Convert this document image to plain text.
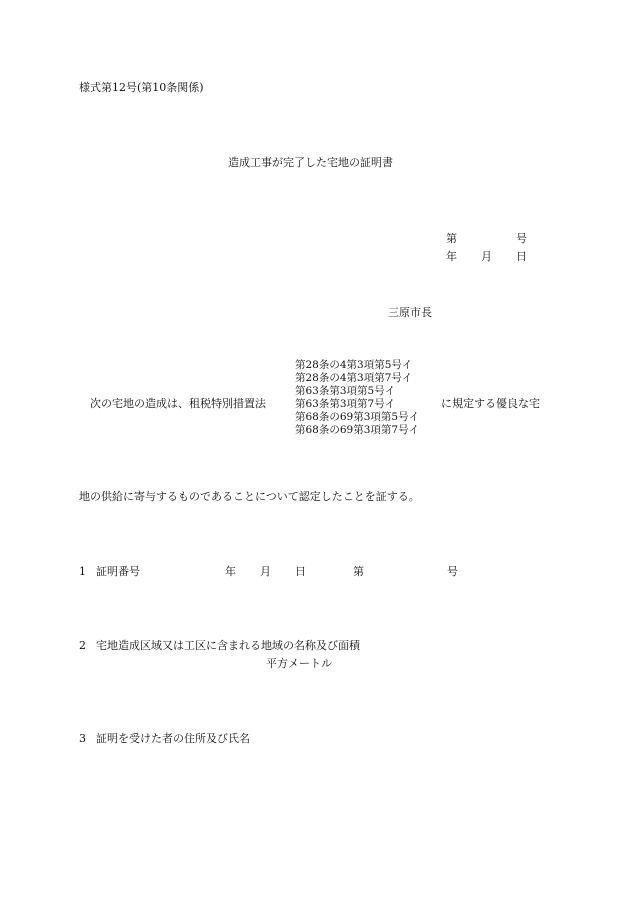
様式第12号(第10条関係)
造成工事が完了した宅地の証明書
第	号
年 月 日
三原市長
次の宅地の造成は、租税特別措置法
第28条の4第3項第5号イ
第28条の4第3項第7号イ
第63条第3項第5号イ
第63条第3項第7号イ
第68条の69第3項第5号イ
第68条の69第3項第7号イ
に規定する優良な宅
地の供給に寄与するものであることについて認定したことを証する。
1 証明番号	年 月 日	第	号
2 宅地造成区域又は工区に含まれる地域の名称及び面積
平方メートル
3 証明を受けた者の住所及び氏名
